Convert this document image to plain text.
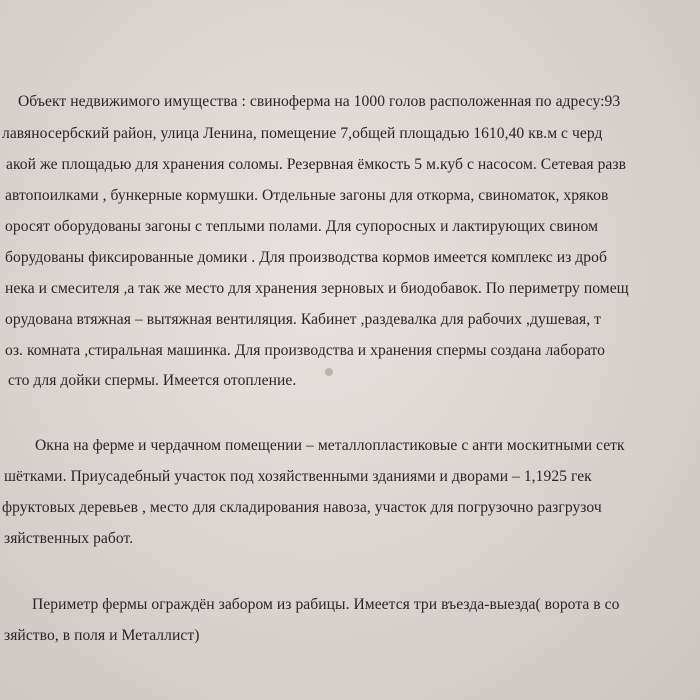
Объект недвижимого имущества : свиноферма на 1000 голов расположенная по адресу:93
лавяносербский район, улица Ленина, помещение 7,общей площадью 1610,40 кв.м с черд
акой же площадью для хранения соломы. Резервная ёмкость 5 м.куб с насосом. Сетевая разв
автопоилками , бункерные кормушки. Отдельные загоны для откорма, свиноматок, хряков
оросят оборудованы загоны с теплыми полами. Для супоросных и лактирующих свином
борудованы фиксированные домики . Для производства кормов имеется комплекс из дроб
нека и смесителя ,а так же место для хранения зерновых и биодобавок. По периметру помещ
орудована втяжная – вытяжная вентиляция. Кабинет ,раздевалка для рабочих ,душевая, т
оз. комната ,стиральная машинка. Для производства и хранения спермы создана лаборато
сто для дойки спермы. Имеется отопление.
Окна на ферме и чердачном помещении – металлопластиковые с анти москитными сетк
шётками. Приусадебный участок под хозяйственными зданиями и дворами – 1,1925 гек
фруктовых деревьев , место для складирования навоза, участок для погрузочно разгрузоч
зяйственных работ.
Периметр фермы ограждён забором из рабицы. Имеется три въезда-выезда( ворота в со
зяйство, в поля и Металлист)
